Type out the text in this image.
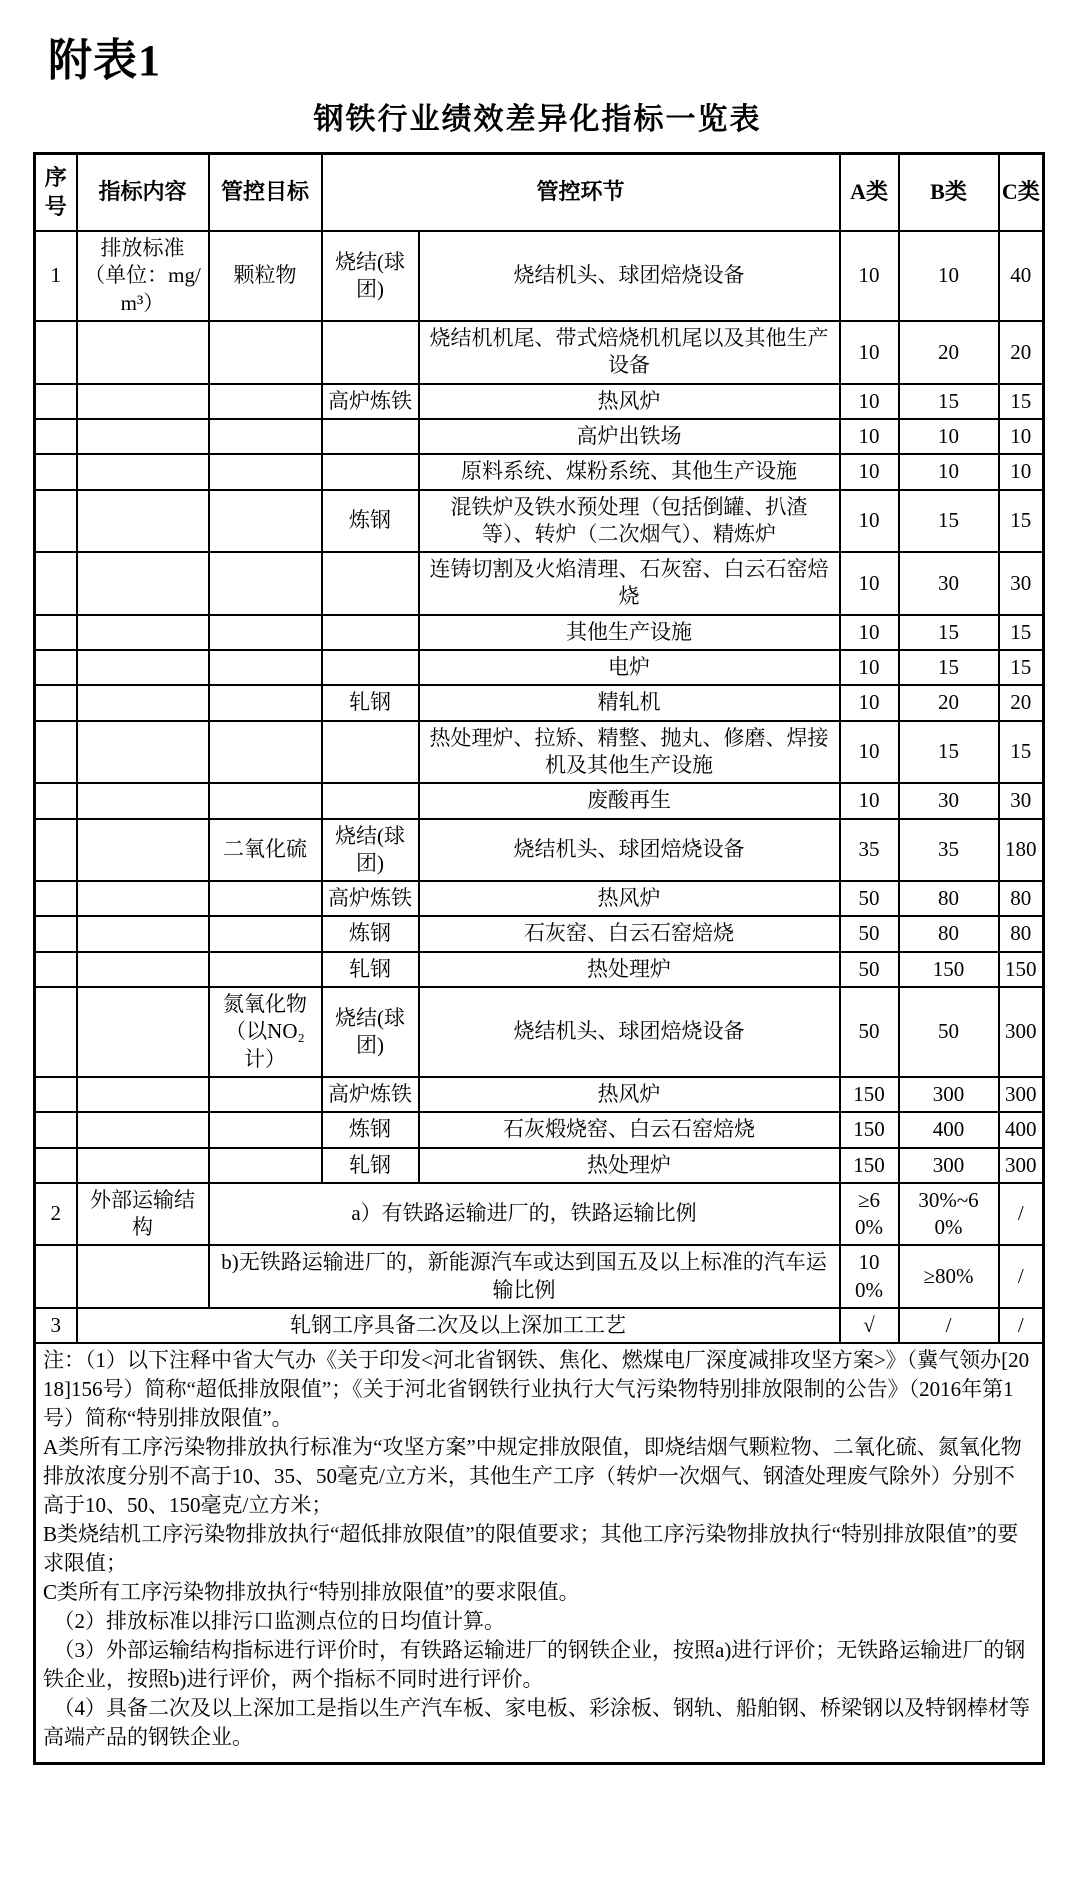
附表1
钢铁行业绩效差异化指标一览表
序号	指标内容	管控目标	管控环节		A类	B类	C类
1	排放标准（单位：mg/m³）	颗粒物	烧结(球团)	烧结机头、球团焙烧设备	10	10	40
				烧结机机尾、带式焙烧机机尾以及其他生产设备	10	20	20
			高炉炼铁	热风炉	10	15	15
				高炉出铁场	10	10	10
				原料系统、煤粉系统、其他生产设施	10	10	10
			炼钢	混铁炉及铁水预处理（包括倒罐、扒渣等）、转炉（二次烟气）、精炼炉	10	15	15
				连铸切割及火焰清理、石灰窑、白云石窑焙烧	10	30	30
				其他生产设施	10	15	15
				电炉	10	15	15
			轧钢	精轧机	10	20	20
				热处理炉、拉矫、精整、抛丸、修磨、焊接机及其他生产设施	10	15	15
				废酸再生	10	30	30
		二氧化硫	烧结(球团)	烧结机头、球团焙烧设备	35	35	180
			高炉炼铁	热风炉	50	80	80
			炼钢	石灰窑、白云石窑焙烧	50	80	80
			轧钢	热处理炉	50	150	150
		氮氧化物（以NO₂计）	烧结(球团)	烧结机头、球团焙烧设备	50	50	300
			高炉炼铁	热风炉	150	300	300
			炼钢	石灰煅烧窑、白云石窑焙烧	150	400	400
			轧钢	热处理炉	150	300	300
2	外部运输结构	a）有铁路运输进厂的，铁路运输比例			≥60%	30%~60%	/
		b)无铁路运输进厂的，新能源汽车或达到国五及以上标准的汽车运输比例			100%	≥80%	/
3	轧钢工序具备二次及以上深加工工艺				√	/	/

注：（1）以下注释中省大气办《关于印发<河北省钢铁、焦化、燃煤电厂深度减排攻坚方案>》（冀气领办[2018]156号）简称“超低排放限值”；《关于河北省钢铁行业执行大气污染物特别排放限制的公告》（2016年第1号）简称“特别排放限值”。

A类所有工序污染物排放执行标准为“攻坚方案”中规定排放限值，即烧结烟气颗粒物、二氧化硫、氮氧化物排放浓度分别不高于10、35、50毫克/立方米，其他生产工序（转炉一次烟气、钢渣处理废气除外）分别不高于10、50、150毫克/立方米；

B类烧结机工序污染物排放执行“超低排放限值”的限值要求；其他工序污染物排放执行“特别排放限值”的要求限值；

C类所有工序污染物排放执行“特别排放限值”的要求限值。

　（2）排放标准以排污口监测点位的日均值计算。

　（3）外部运输结构指标进行评价时，有铁路运输进厂的钢铁企业，按照a)进行评价；无铁路运输进厂的钢铁企业，按照b)进行评价，两个指标不同时进行评价。

　（4）具备二次及以上深加工是指以生产汽车板、家电板、彩涂板、钢轨、船舶钢、桥梁钢以及特钢棒材等高端产品的钢铁企业。
